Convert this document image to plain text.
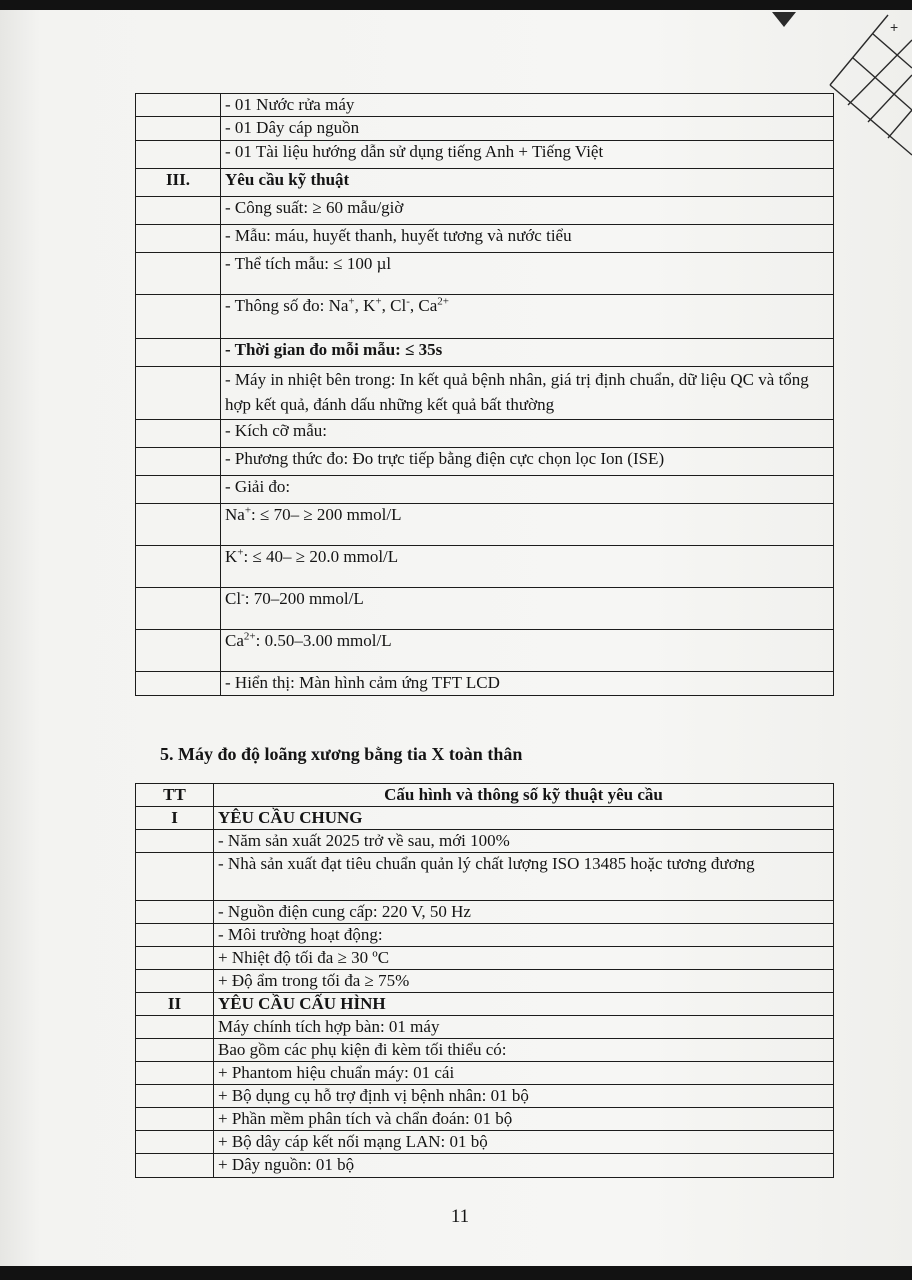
+
	- 01 Nước rửa máy
	- 01 Dây cáp nguồn
	- 01 Tài liệu hướng dẫn sử dụng tiếng Anh + Tiếng Việt
III.	Yêu cầu kỹ thuật
	- Công suất: ≥ 60 mẫu/giờ
	- Mẫu: máu, huyết thanh, huyết tương và nước tiểu
	- Thể tích mẫu: ≤ 100 µl
	- Thông số đo: Na+, K+, Cl-, $Ca^{2+}$
	- Thời gian đo mỗi mẫu: ≤ 35s
	- Máy in nhiệt bên trong: In kết quả bệnh nhân, giá trị định chuẩn, dữ liệu QC và tổng hợp kết quả, đánh dấu những kết quả bất thường
	- Kích cỡ mẫu:
	- Phương thức đo: Đo trực tiếp bằng điện cực chọn lọc Ion (ISE)
	- Giải đo:
	Na+: ≤ 70– ≥ 200 mmol/L
	K+: ≤ 40– ≥ 20.0 mmol/L
	Cl-: 70–200 mmol/L
	$Ca^{2+}$: 0.50–3.00 mmol/L
	- Hiển thị: Màn hình cảm ứng TFT LCD
5. Máy đo độ loãng xương bằng tia X toàn thân
TT	Cấu hình và thông số kỹ thuật yêu cầu
I	YÊU CẦU CHUNG
	- Năm sản xuất 2025 trở về sau, mới 100%
	- Nhà sản xuất đạt tiêu chuẩn quản lý chất lượng ISO 13485 hoặc tương đương
	- Nguồn điện cung cấp: 220 V, 50 Hz
	- Môi trường hoạt động:
	+ Nhiệt độ tối đa ≥ 30 ºC
	+ Độ ẩm trong tối đa ≥ 75%
II	YÊU CẦU CẤU HÌNH
	Máy chính tích hợp bàn: 01 máy
	Bao gồm các phụ kiện đi kèm tối thiểu có:
	+ Phantom hiệu chuẩn máy: 01 cái
	+ Bộ dụng cụ hỗ trợ định vị bệnh nhân: 01 bộ
	+ Phần mềm phân tích và chẩn đoán: 01 bộ
	+ Bộ dây cáp kết nối mạng LAN: 01 bộ
	+ Dây nguồn: 01 bộ
11
